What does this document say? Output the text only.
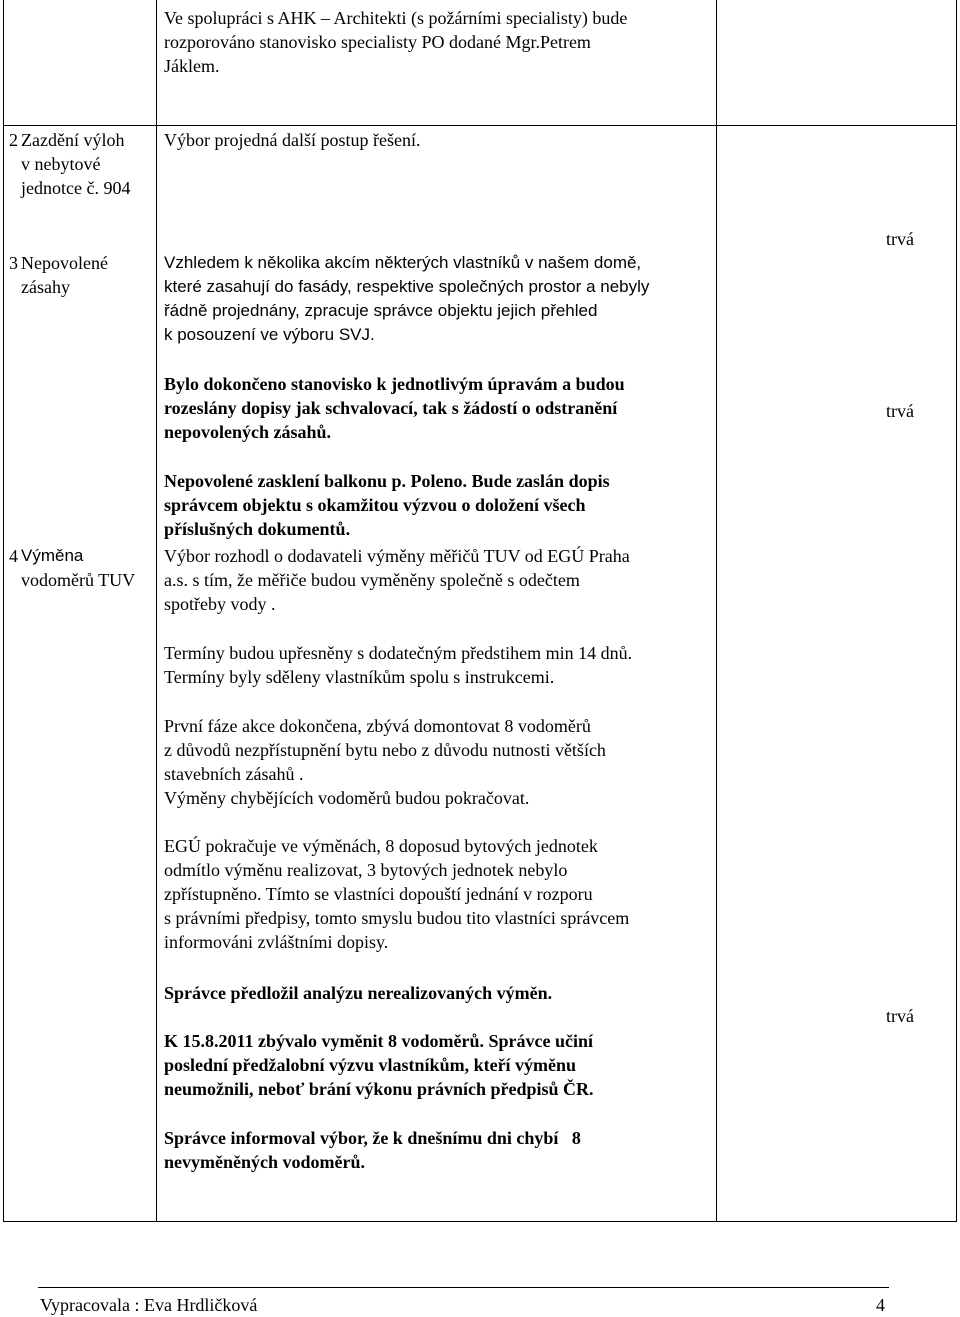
Ve spolupráci s AHK – Architekti (s požárními specialisty) bude
rozporováno stanovisko specialisty PO dodané Mgr.Petrem
Jáklem.
2 Zazdění výloh
v nebytové
jednotce č. 904
Výbor projedná další postup řešení.
3 Nepovolené
zásahy
trvá
Vzhledem k několika akcím některých vlastníků v našem domě,
které zasahují do fasády, respektive společných prostor a nebyly
řádně projednány, zpracuje správce objektu jejich přehled
k posouzení ve výboru SVJ.
Bylo dokončeno stanovisko k jednotlivým úpravám a budou
rozeslány dopisy jak schvalovací, tak s žádostí o odstranění
nepovolených zásahů.
trvá
Nepovolené zasklení balkonu p. Poleno. Bude zaslán dopis
správcem objektu s okamžitou výzvou o doložení všech
příslušných dokumentů.
4 Výměna
vodoměrů TUV
Výbor rozhodl o dodavateli výměny měřičů TUV od EGÚ Praha
a.s. s tím, že měřiče budou vyměněny společně s odečtem
spotřeby vody .
Termíny budou upřesněny s dodatečným předstihem min 14 dnů.
Termíny byly sděleny vlastníkům spolu s instrukcemi.
První fáze akce dokončena, zbývá domontovat 8 vodoměrů
z důvodů nezpřístupnění bytu nebo z důvodu nutnosti větších
stavebních zásahů .
Výměny chybějících vodoměrů budou pokračovat.
EGÚ pokračuje ve výměnách, 8 doposud bytových jednotek
odmítlo výměnu realizovat, 3 bytových jednotek nebylo
zpřístupněno. Tímto se vlastníci dopouští jednání v rozporu
s právními předpisy, tomto smyslu budou tito vlastníci správcem
informováni zvláštními dopisy.
Správce předložil analýzu nerealizovaných výměn.
trvá
K 15.8.2011 zbývalo vyměnit 8 vodoměrů. Správce učiní
poslední předžalobní výzvu vlastníkům, kteří výměnu
neumožnili, neboť brání výkonu právních předpisů ČR.
Správce informoval výbor, že k dnešnímu dni chybí   8
nevyměněných vodoměrů.
Vypracovala : Eva Hrdličková	4
